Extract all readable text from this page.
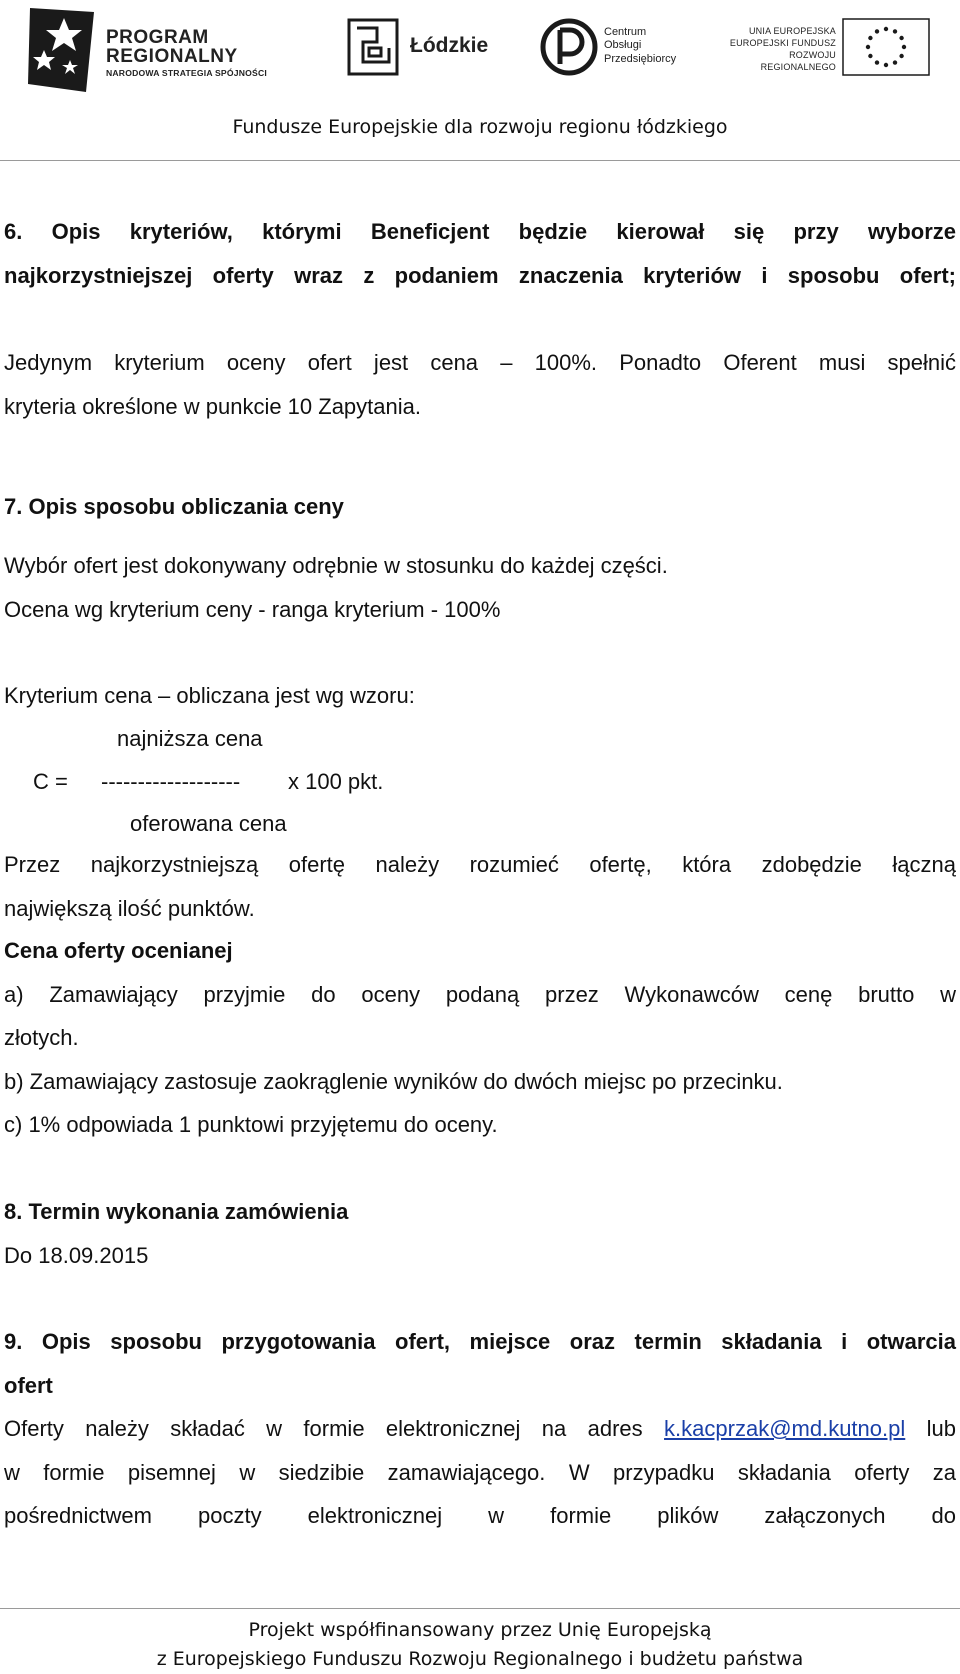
PROGRAM
REGIONALNY
NARODOWA STRATEGIA SPÓJNOŚCI
Łódzkie
Centrum
Obsługi
Przedsiębiorcy
UNIA EUROPEJSKA
EUROPEJSKI FUNDUSZ
ROZWOJU REGIONALNEGO
Fundusze Europejskie dla rozwoju regionu łódzkiego
6. Opis kryteriów, którymi Beneficjent będzie kierował się przy wyborze
najkorzystniejszej oferty wraz z podaniem znaczenia kryteriów i sposobu ofert;
Jedynym kryterium oceny ofert jest cena – 100%. Ponadto Oferent musi spełnić
kryteria określone w punkcie 10 Zapytania.
7. Opis sposobu obliczania ceny
Wybór ofert jest dokonywany odrębnie w stosunku do każdej części.
Ocena wg kryterium ceny - ranga kryterium - 100%
Kryterium cena – obliczana jest wg wzoru:
najniższa cena
C = ------------------- x 100 pkt.
oferowana cena
Przez najkorzystniejszą ofertę należy rozumieć ofertę, która zdobędzie łączną
największą ilość punktów.
Cena oferty ocenianej
a) Zamawiający przyjmie do oceny podaną przez Wykonawców cenę brutto w
złotych.
b) Zamawiający zastosuje zaokrąglenie wyników do dwóch miejsc po przecinku.
c) 1% odpowiada 1 punktowi przyjętemu do oceny.
8. Termin wykonania zamówienia
Do 18.09.2015
9. Opis sposobu przygotowania ofert, miejsce oraz termin składania i otwarcia
ofert
Oferty należy składać w formie elektronicznej na adres k.kacprzak@md.kutno.pl lub
w formie pisemnej w siedzibie zamawiającego. W przypadku składania oferty za
pośrednictwem poczty elektronicznej w formie plików załączonych do
Projekt współfinansowany przez Unię Europejską
z Europejskiego Funduszu Rozwoju Regionalnego i budżetu państwa
